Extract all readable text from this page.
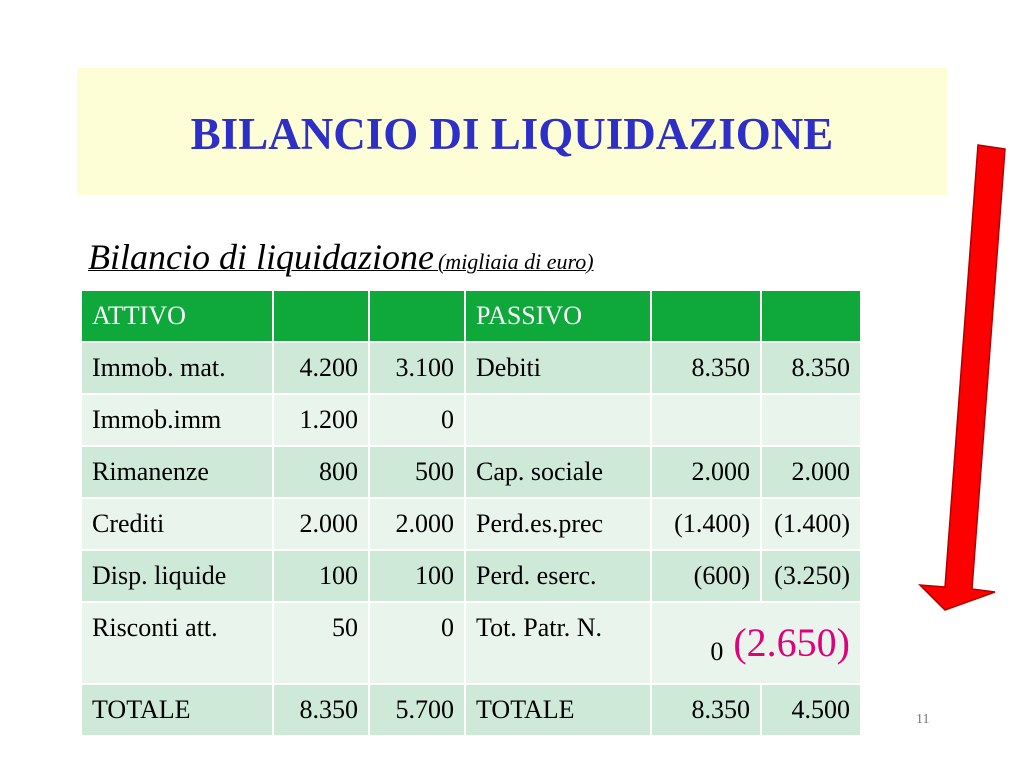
BILANCIO DI LIQUIDAZIONE
Bilancio di liquidazione (migliaia di euro)
ATTIVO			PASSIVO		
Immob. mat.	4.200	3.100	Debiti	8.350	8.350
Immob.imm	1.200	0			
Rimanenze	800	500	Cap. sociale	2.000	2.000
Crediti	2.000	2.000	Perd.es.prec	(1.400)	(1.400)
Disp. liquide	100	100	Perd. eserc.	(600)	(3.250)
Risconti att.	50	0	Tot. Patr. N.	0 (2.650)	
TOTALE	8.350	5.700	TOTALE	8.350	4.500	11
